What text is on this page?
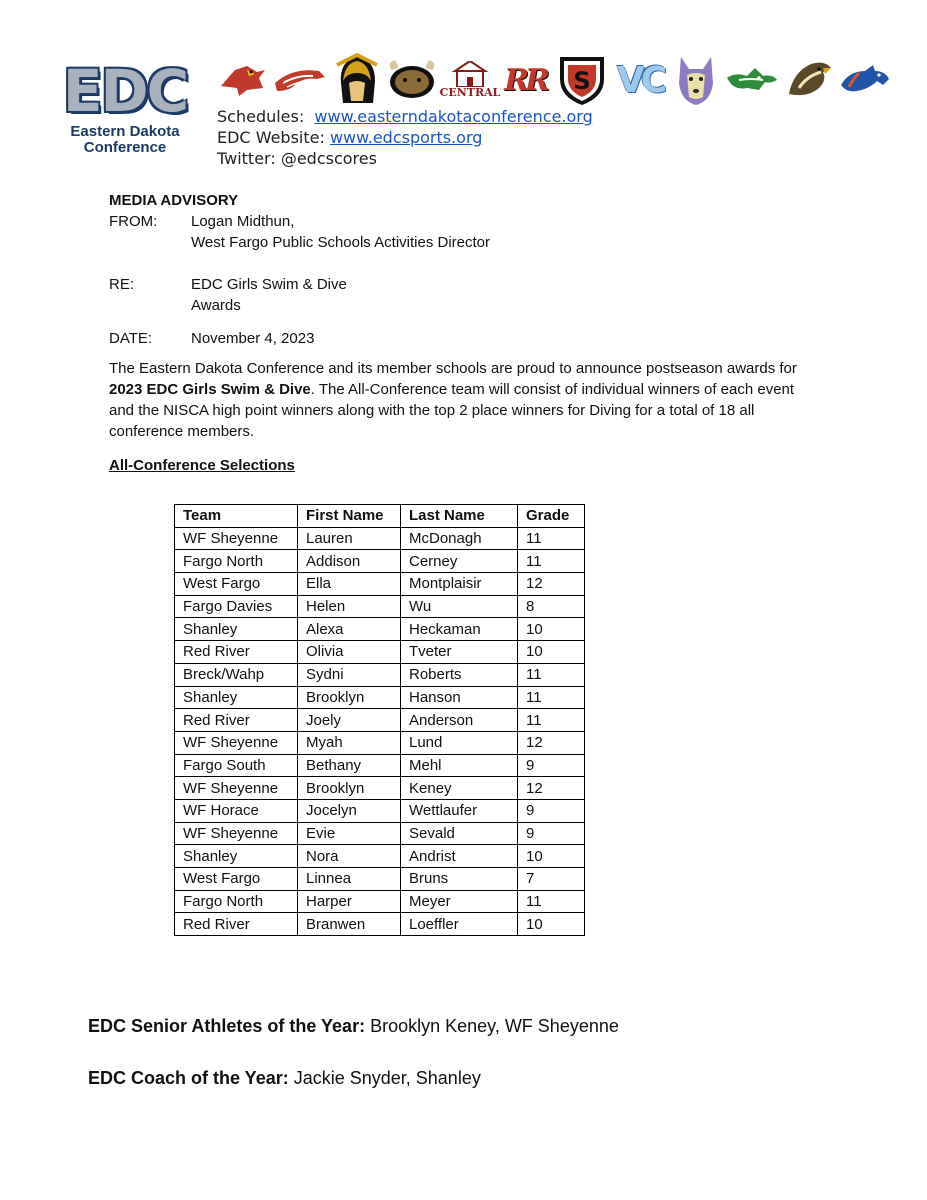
EDC
Eastern Dakota
Conference
CENTRAL RR S VC
Schedules: www.easterndakotaconference.org
EDC Website: www.edcsports.org
Twitter: @edcscores
MEDIA ADVISORY
FROM:	Logan Midthun,
West Fargo Public Schools Activities Director
RE:	EDC Girls Swim & Dive
Awards
DATE:	November 4, 2023
The Eastern Dakota Conference and its member schools are proud to announce postseason awards for 2023 EDC Girls Swim & Dive. The All-Conference team will consist of individual winners of each event and the NISCA high point winners along with the top 2 place winners for Diving for a total of 18 all conference members.
All-Conference Selections
Team	First Name	Last Name	Grade
WF Sheyenne	Lauren	McDonagh	11
Fargo North	Addison	Cerney	11
West Fargo	Ella	Montplaisir	12
Fargo Davies	Helen	Wu	8
Shanley	Alexa	Heckaman	10
Red River	Olivia	Tveter	10
Breck/Wahp	Sydni	Roberts	11
Shanley	Brooklyn	Hanson	11
Red River	Joely	Anderson	11
WF Sheyenne	Myah	Lund	12
Fargo South	Bethany	Mehl	9
WF Sheyenne	Brooklyn	Keney	12
WF Horace	Jocelyn	Wettlaufer	9
WF Sheyenne	Evie	Sevald	9
Shanley	Nora	Andrist	10
West Fargo	Linnea	Bruns	7
Fargo North	Harper	Meyer	11
Red River	Branwen	Loeffler	10
EDC Senior Athletes of the Year: Brooklyn Keney, WF Sheyenne
EDC Coach of the Year: Jackie Snyder, Shanley
